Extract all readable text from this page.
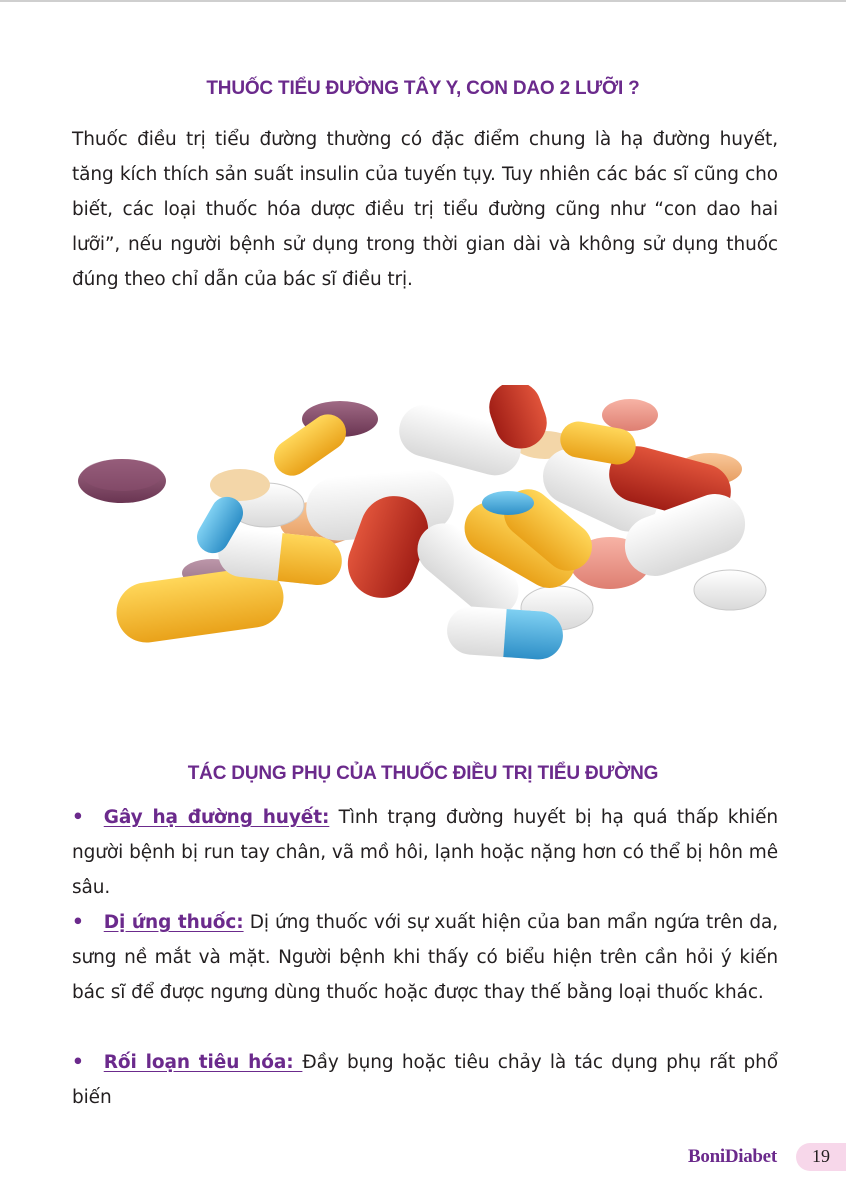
THUỐC TIỂU ĐƯỜNG TÂY Y, CON DAO 2 LƯỠI ?
Thuốc điều trị tiểu đường thường có đặc điểm chung là hạ đường huyết, tăng kích thích sản suất insulin của tuyến tụy. Tuy nhiên các bác sĩ cũng cho biết, các loại thuốc hóa dược điều trị tiểu đường cũng như “con dao hai lưỡi”, nếu người bệnh sử dụng trong thời gian dài và không sử dụng thuốc đúng theo chỉ dẫn của bác sĩ điều trị.
TÁC DỤNG PHỤ CỦA THUỐC ĐIỀU TRỊ TIỂU ĐƯỜNG
• Gây hạ đường huyết: Tình trạng đường huyết bị hạ quá thấp khiến người bệnh bị run tay chân, vã mồ hôi, lạnh hoặc nặng hơn có thể bị hôn mê sâu.
• Dị ứng thuốc: Dị ứng thuốc với sự xuất hiện của ban mẩn ngứa trên da, sưng nề mắt và mặt. Người bệnh khi thấy có biểu hiện trên cần hỏi ý kiến bác sĩ để được ngưng dùng thuốc hoặc được thay thế bằng loại thuốc khác.
• Rối loạn tiêu hóa: Đầy bụng hoặc tiêu chảy là tác dụng phụ rất phổ biến
BoniDiabet 19
